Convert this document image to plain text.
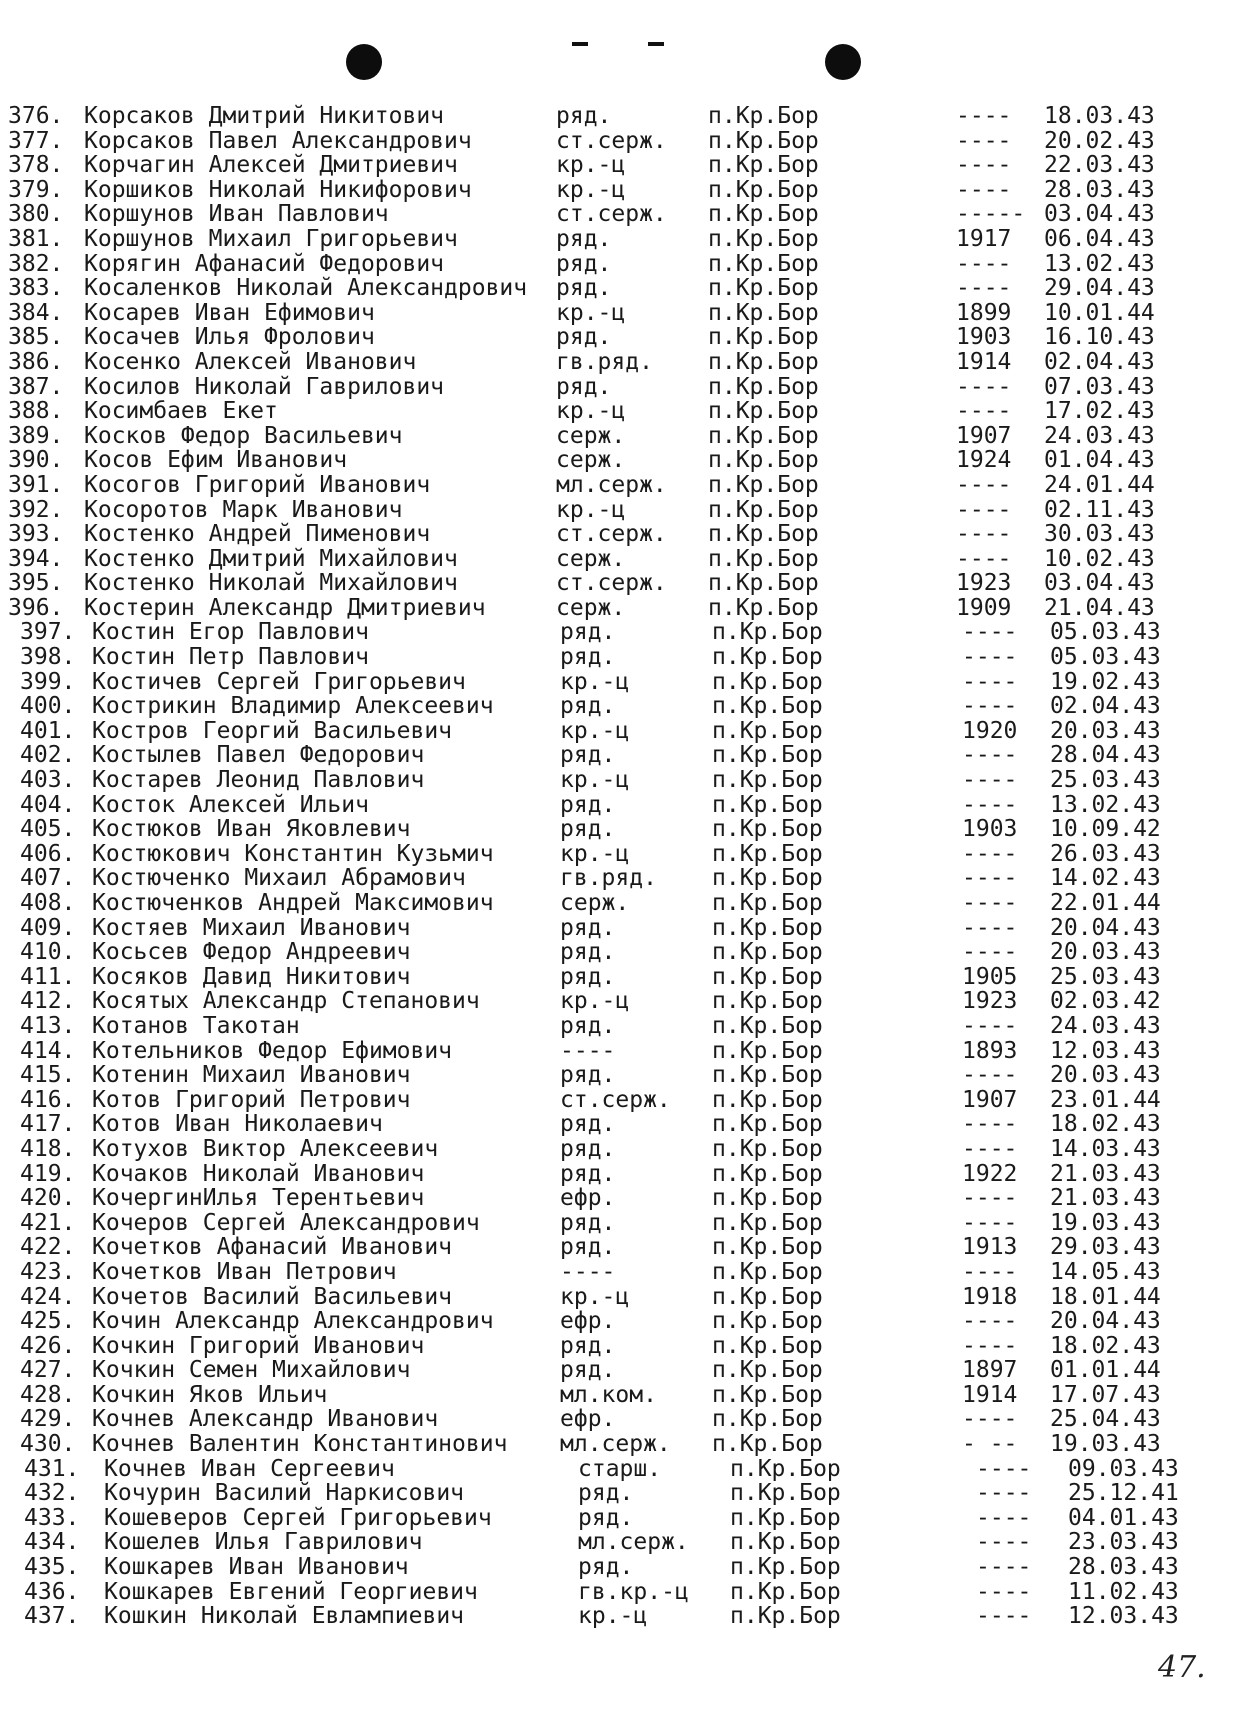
376. Корсаков Дмитрий Никитович	ряд.	п.Кр.Бор	---- 18.03.43
377. Корсаков Павел Александрович	ст.серж. п.Кр.Бор	---- 20.02.43
378. Корчагин Алексей Дмитриевич	кр.-ц	п.Кр.Бор	---- 22.03.43
379. Коршиков Николай Никифорович	кр.-ц	п.Кр.Бор	---- 28.03.43
380. Коршунов Иван Павлович	ст.серж. п.Кр.Бор	----- 03.04.43
381. Коршунов Михаил Григорьевич	ряд.	п.Кр.Бор	1917 06.04.43
382. Корягин Афанасий Федорович	ряд.	п.Кр.Бор	---- 13.02.43
383. Косаленков Николай Александрович ряд.	п.Кр.Бор	---- 29.04.43
384. Косарев Иван Ефимович	кр.-ц	п.Кр.Бор	1899 10.01.44
385. Косачев Илья Фролович	ряд.	п.Кр.Бор	1903 16.10.43
386. Косенко Алексей Иванович	гв.ряд. п.Кр.Бор	1914 02.04.43
387. Косилов Николай Гаврилович	ряд.	п.Кр.Бор	---- 07.03.43
388. Косимбаев Екет	кр.-ц	п.Кр.Бор	---- 17.02.43
389. Косков Федор Васильевич	серж.	п.Кр.Бор	1907 24.03.43
390. Косов Ефим Иванович	серж.	п.Кр.Бор	1924 01.04.43
391. Косогов Григорий Иванович	мл.серж. п.Кр.Бор	---- 24.01.44
392. Косоротов Марк Иванович	кр.-ц	п.Кр.Бор	---- 02.11.43
393. Костенко Андрей Пименович	ст.серж. п.Кр.Бор	---- 30.03.43
394. Костенко Дмитрий Михайлович	серж.	п.Кр.Бор	---- 10.02.43
395. Костенко Николай Михайлович	ст.серж. п.Кр.Бор	1923 03.04.43
396. Костерин Александр Дмитриевич	серж.	п.Кр.Бор	1909 21.04.43
397. Костин Егор Павлович	ряд.	п.Кр.Бор	---- 05.03.43
398. Костин Петр Павлович	ряд.	п.Кр.Бор	---- 05.03.43
399. Костичев Сергей Григорьевич	кр.-ц	п.Кр.Бор	---- 19.02.43
400. Кострикин Владимир Алексеевич	ряд.	п.Кр.Бор	---- 02.04.43
401. Костров Георгий Васильевич	кр.-ц	п.Кр.Бор	1920 20.03.43
402. Костылев Павел Федорович	ряд.	п.Кр.Бор	---- 28.04.43
403. Костарев Леонид Павлович	кр.-ц	п.Кр.Бор	---- 25.03.43
404. Косток Алексей Ильич	ряд.	п.Кр.Бор	---- 13.02.43
405. Костюков Иван Яковлевич	ряд.	п.Кр.Бор	1903 10.09.42
406. Костюкович Константин Кузьмич	кр.-ц	п.Кр.Бор	---- 26.03.43
407. Костюченко Михаил Абрамович	гв.ряд. п.Кр.Бор	---- 14.02.43
408. Костюченков Андрей Максимович	серж.	п.Кр.Бор	---- 22.01.44
409. Костяев Михаил Иванович	ряд.	п.Кр.Бор	---- 20.04.43
410. Косьсев Федор Андреевич	ряд.	п.Кр.Бор	---- 20.03.43
411. Косяков Давид Никитович	ряд.	п.Кр.Бор	1905 25.03.43
412. Косятых Александр Степанович	кр.-ц	п.Кр.Бор	1923 02.03.42
413. Котанов Такотан	ряд.	п.Кр.Бор	---- 24.03.43
414. Котельников Федор Ефимович	----	п.Кр.Бор	1893 12.03.43
415. Котенин Михаил Иванович	ряд.	п.Кр.Бор	---- 20.03.43
416. Котов Григорий Петрович	ст.серж. п.Кр.Бор	1907 23.01.44
417. Котов Иван Николаевич	ряд.	п.Кр.Бор	---- 18.02.43
418. Котухов Виктор Алексеевич	ряд.	п.Кр.Бор	---- 14.03.43
419. Кочаков Николай Иванович	ряд.	п.Кр.Бор	1922 21.03.43
420. КочергинИлья Терентьевич	ефр.	п.Кр.Бор	---- 21.03.43
421. Кочеров Сергей Александрович	ряд.	п.Кр.Бор	---- 19.03.43
422. Кочетков Афанасий Иванович	ряд.	п.Кр.Бор	1913 29.03.43
423. Кочетков Иван Петрович	----	п.Кр.Бор	---- 14.05.43
424. Кочетов Василий Васильевич	кр.-ц	п.Кр.Бор	1918 18.01.44
425. Кочин Александр Александрович	ефр.	п.Кр.Бор	---- 20.04.43
426. Кочкин Григорий Иванович	ряд.	п.Кр.Бор	---- 18.02.43
427. Кочкин Семен Михайлович	ряд.	п.Кр.Бор	1897 01.01.44
428. Кочкин Яков Ильич	мл.ком. п.Кр.Бор	1914 17.07.43
429. Кочнев Александр Иванович	ефр.	п.Кр.Бор	---- 25.04.43
430. Кочнев Валентин Константинович мл.серж. п.Кр.Бор	- -- 19.03.43
431. Кочнев Иван Сергеевич	старш.	п.Кр.Бор	---- 09.03.43
432. Кочурин Василий Наркисович	ряд.	п.Кр.Бор	---- 25.12.41
433. Кошеверов Сергей Григорьевич	ряд.	п.Кр.Бор	---- 04.01.43
434. Кошелев Илья Гаврилович	мл.серж. п.Кр.Бор	---- 23.03.43
435. Кошкарев Иван Иванович	ряд.	п.Кр.Бор	---- 28.03.43
436. Кошкарев Евгений Георгиевич	гв.кр.-ц п.Кр.Бор	---- 11.02.43
437. Кошкин Николай Евлампиевич	кр.-ц	п.Кр.Бор	---- 12.03.43
47.
